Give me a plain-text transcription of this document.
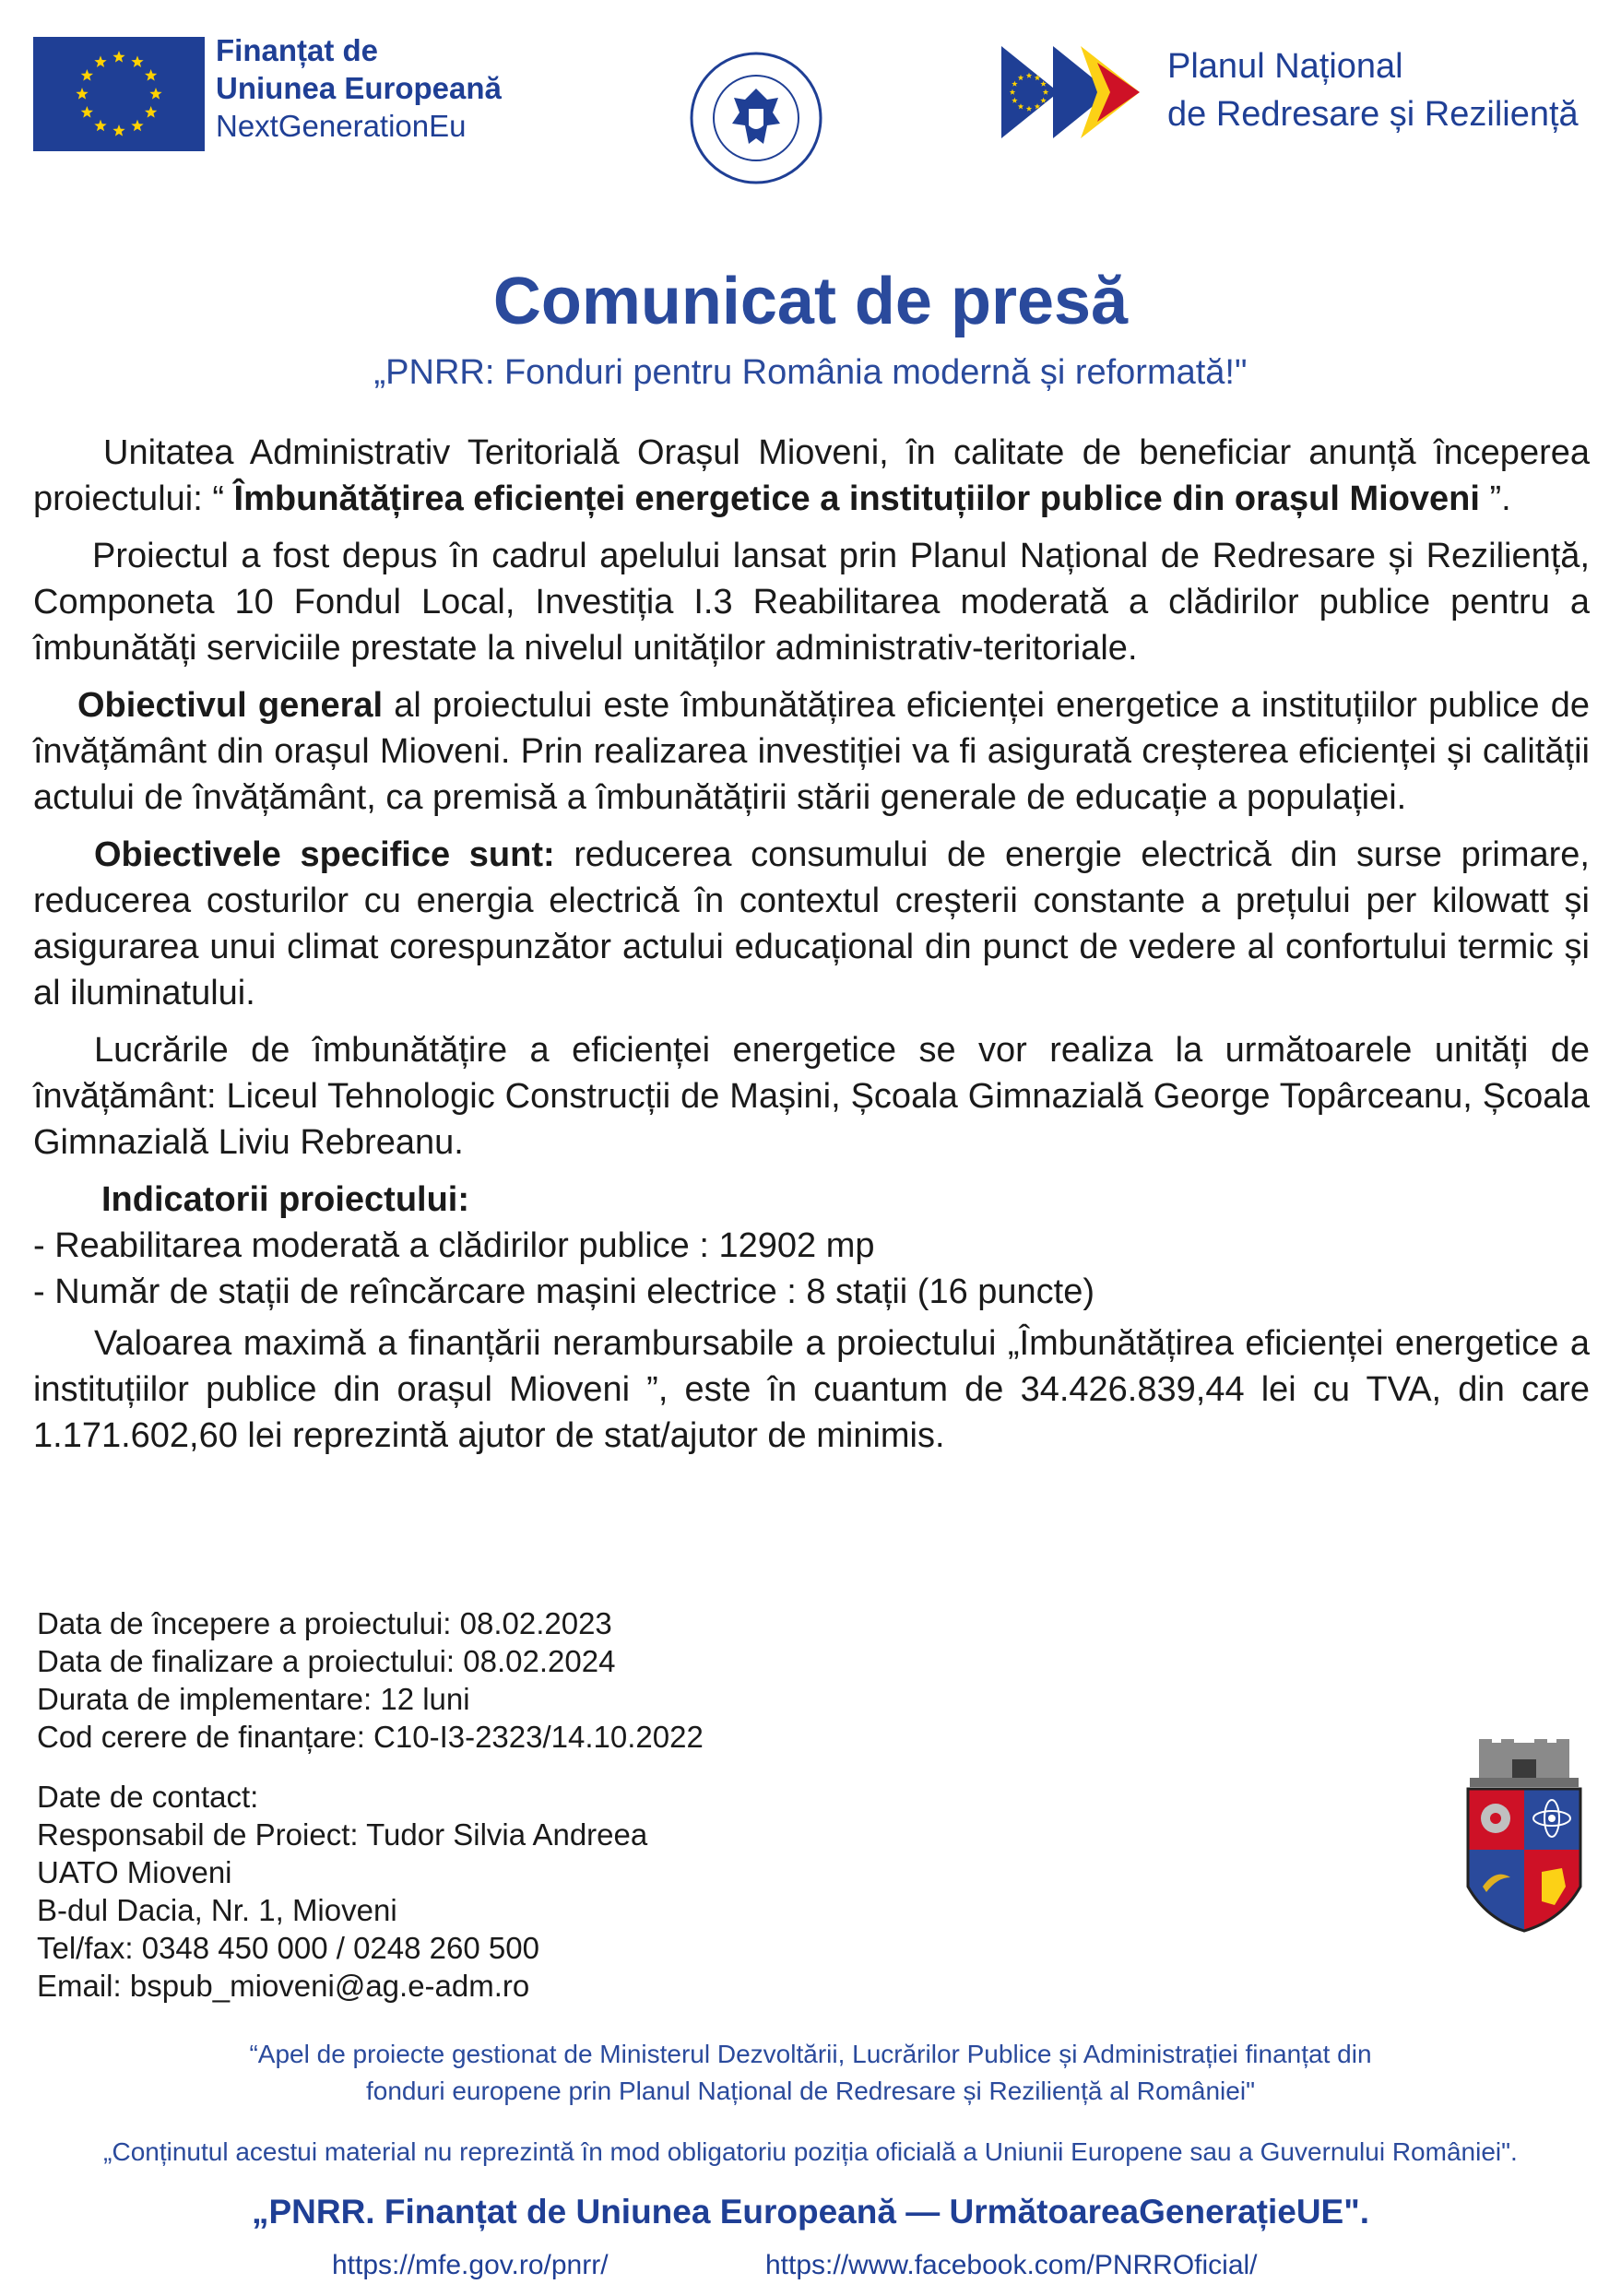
Finanțat de
Uniunea Europeană
NextGenerationEu
Planul Național
de Redresare și Reziliență
Comunicat de presă
„PNRR: Fonduri pentru România modernă și reformată!"

Unitatea Administrativ Teritorială Orașul Mioveni, în calitate de beneficiar anunță începerea proiectului: “ Îmbunătățirea eficienței energetice a instituțiilor publice din orașul Mioveni ”.

Proiectul a fost depus în cadrul apelului lansat prin Planul Național de Redresare și Reziliență, Componeta 10 Fondul Local, Investiția I.3 Reabilitarea moderată a clădirilor publice pentru a îmbunătăți serviciile prestate la nivelul unităților administrativ-teritoriale.

Obiectivul general al proiectului este îmbunătățirea eficienței energetice a instituțiilor publice de învățământ din orașul Mioveni. Prin realizarea investiției va fi asigurată creșterea eficienței și calității actului de învățământ, ca premisă a îmbunătățirii stării generale de educație a populației.

Obiectivele specifice sunt: reducerea consumului de energie electrică din surse primare, reducerea costurilor cu energia electrică în contextul creșterii constante a prețului per kilowatt și asigurarea unui climat corespunzător actului educațional din punct de vedere al confortului termic și al iluminatului.

Lucrările de îmbunătățire a eficienței energetice se vor realiza la următoarele unități de învățământ: Liceul Tehnologic Construcții de Mașini, Școala Gimnazială George Topârceanu, Școala Gimnazială Liviu Rebreanu.

Indicatorii proiectului:

- Reabilitarea moderată a clădirilor publice : 12902 mp

- Număr de stații de reîncărcare mașini electrice : 8 stații (16 puncte)

Valoarea maximă a finanțării nerambursabile a proiectului „Îmbunătățirea eficienței energetice a instituțiilor publice din orașul Mioveni ”, este în cuantum de 34.426.839,44 lei cu TVA, din care 1.171.602,60 lei reprezintă ajutor de stat/ajutor de minimis.

Data de începere a proiectului: 08.02.2023
Data de finalizare a proiectului: 08.02.2024
Durata de implementare: 12 luni
Cod cerere de finanțare: C10-I3-2323/14.10.2022
Date de contact:
Responsabil de Proiect: Tudor Silvia Andreea
UATO Mioveni
B-dul Dacia, Nr. 1, Mioveni
Tel/fax: 0348 450 000 / 0248 260 500
Email: bspub_mioveni@ag.e-adm.ro
“Apel de proiecte gestionat de Ministerul Dezvoltării, Lucrărilor Publice și Administrației finanțat din
fonduri europene prin Planul Național de Redresare și Reziliență al României"
„Conținutul acestui material nu reprezintă în mod obligatoriu poziția oficială a Uniunii Europene sau a Guvernului României".
„PNRR. Finanțat de Uniunea Europeană — UrmătoareaGenerațieUE".
https://mfe.gov.ro/pnrr/	https://www.facebook.com/PNRROficial/
